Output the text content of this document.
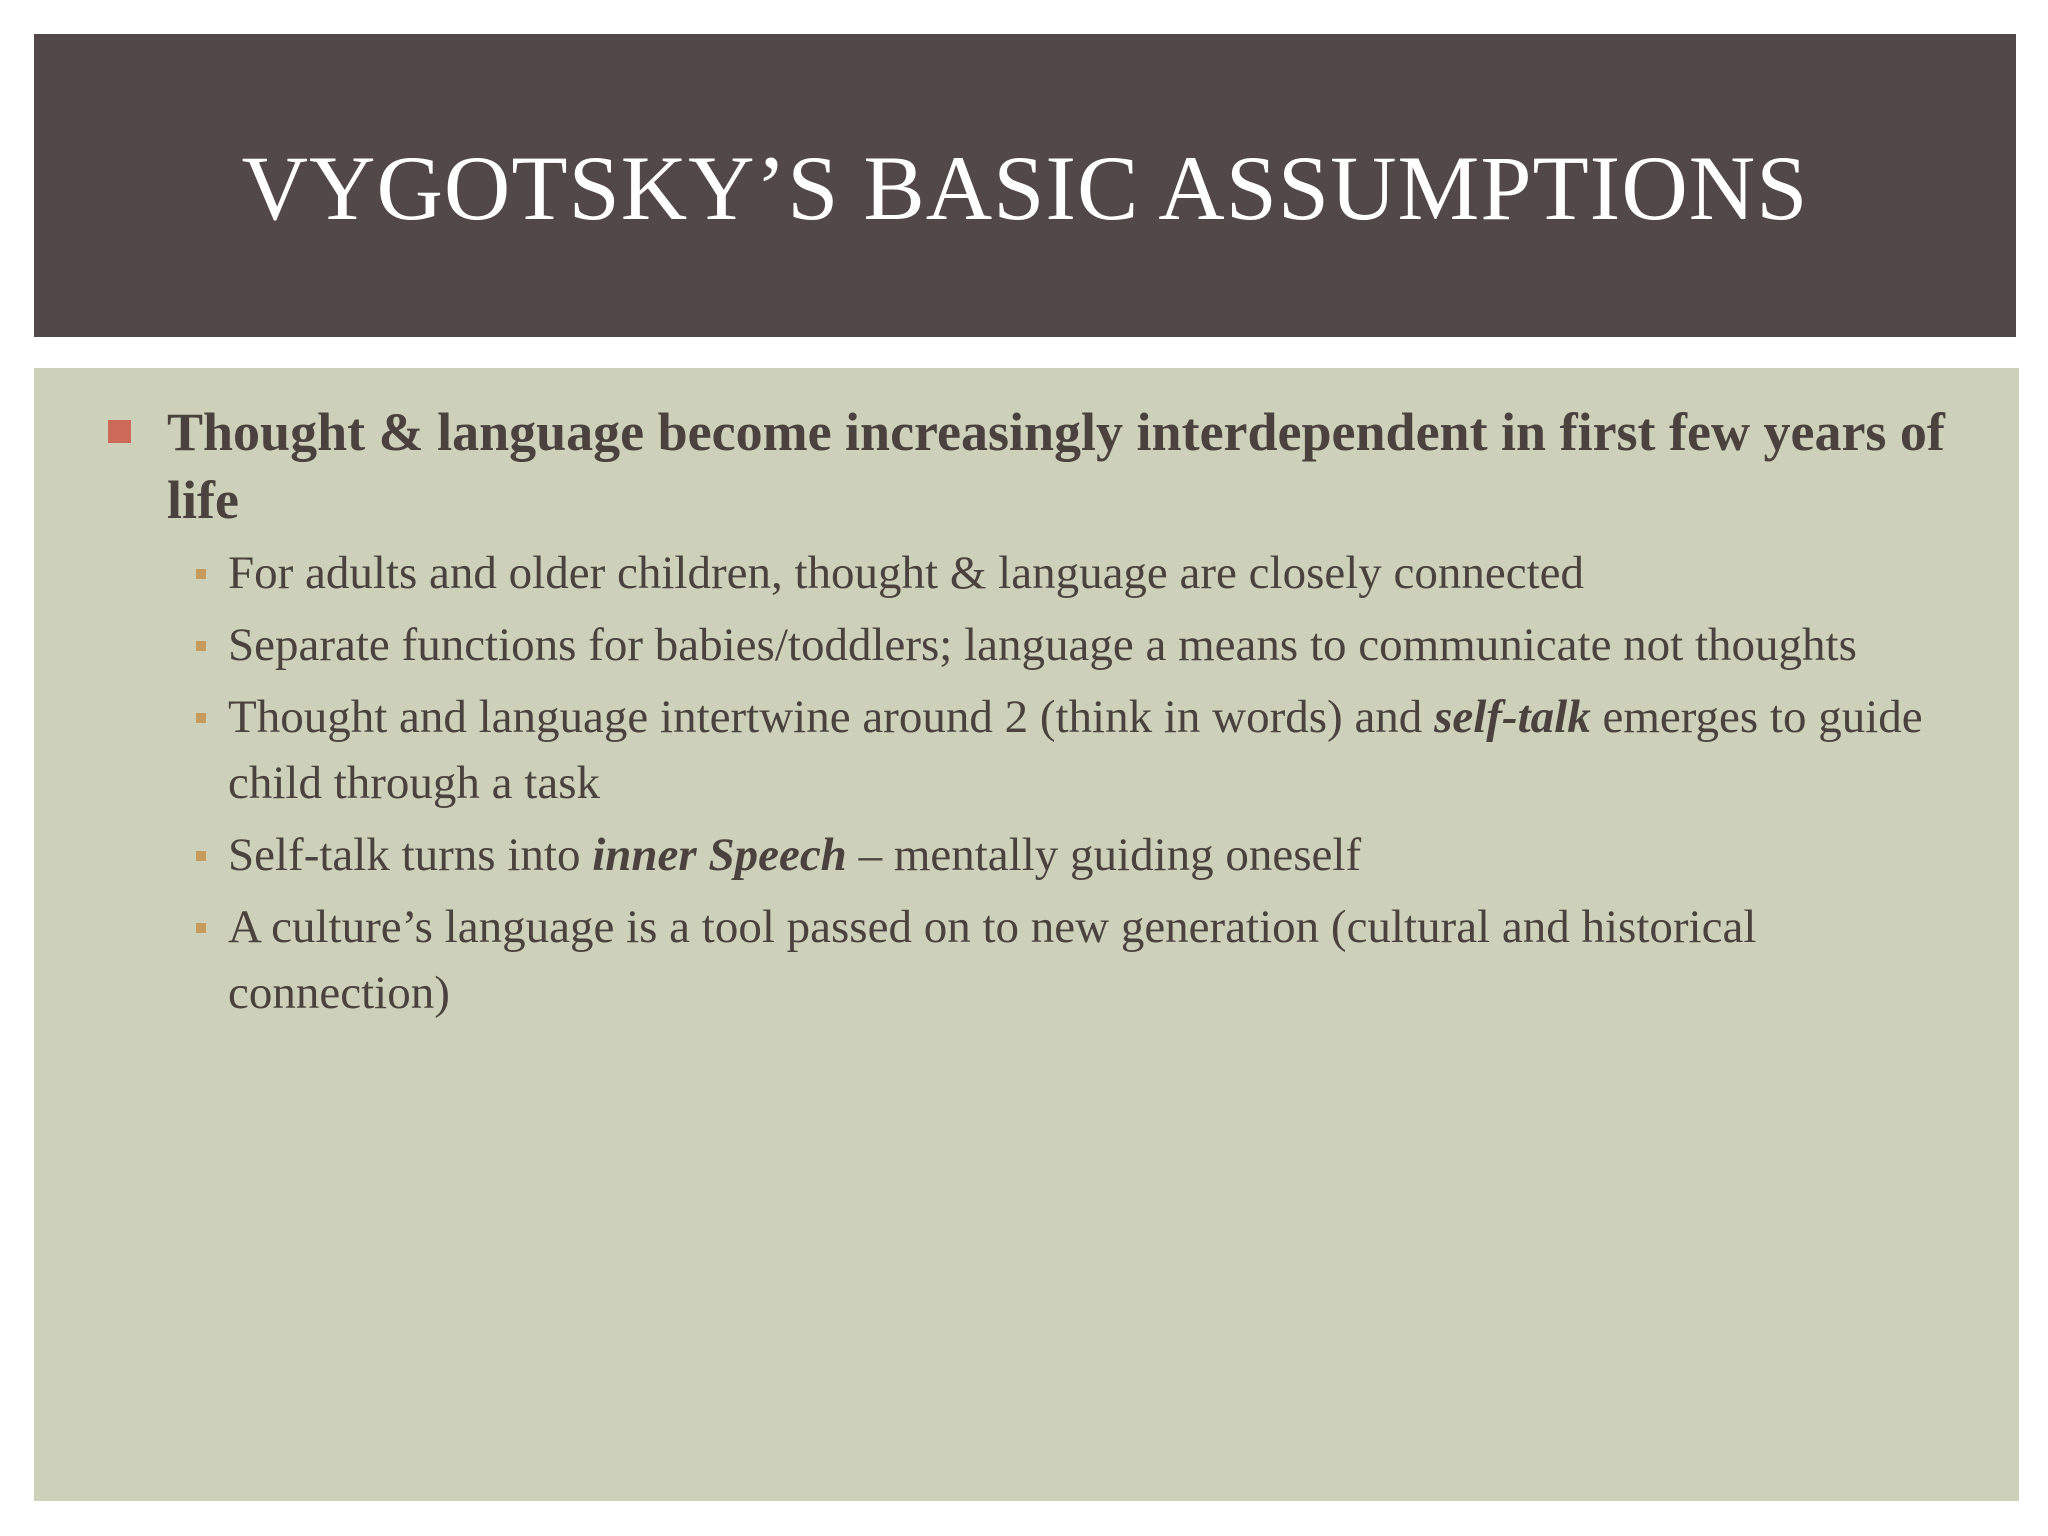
VYGOTSKY’S BASIC ASSUMPTIONS
Thought & language become increasingly interdependent in first few years of life
For adults and older children, thought & language are closely connected
Separate functions for babies/toddlers; language a means to communicate not thoughts
Thought and language intertwine around 2 (think in words) and self-talk emerges to guide child through a task
Self-talk turns into inner Speech – mentally guiding oneself
A culture’s language is a tool passed on to new generation (cultural and historical connection)
